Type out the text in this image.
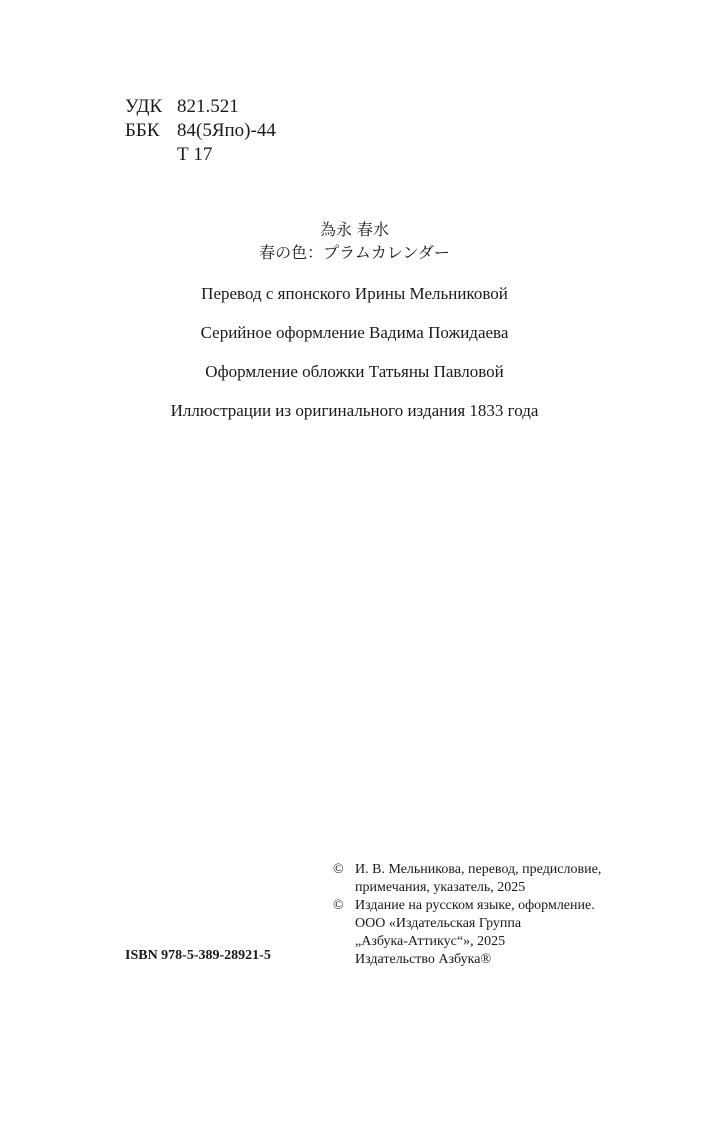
УДК 821.521
ББК 84(5Япо)-44
Т 17
為永 春水
春の色：プラムカレンダー
Перевод с японского Ирины Мельниковой
Серийное оформление Вадима Пожидаева
Оформление обложки Татьяны Павловой
Иллюстрации из оригинального издания 1833 года
© И. В. Мельникова, перевод, предисловие,
примечания, указатель, 2025
© Издание на русском языке, оформление.
ООО «Издательская Группа
„Азбука-Аттикус“», 2025
Издательство Азбука®
ISBN 978-5-389-28921-5
